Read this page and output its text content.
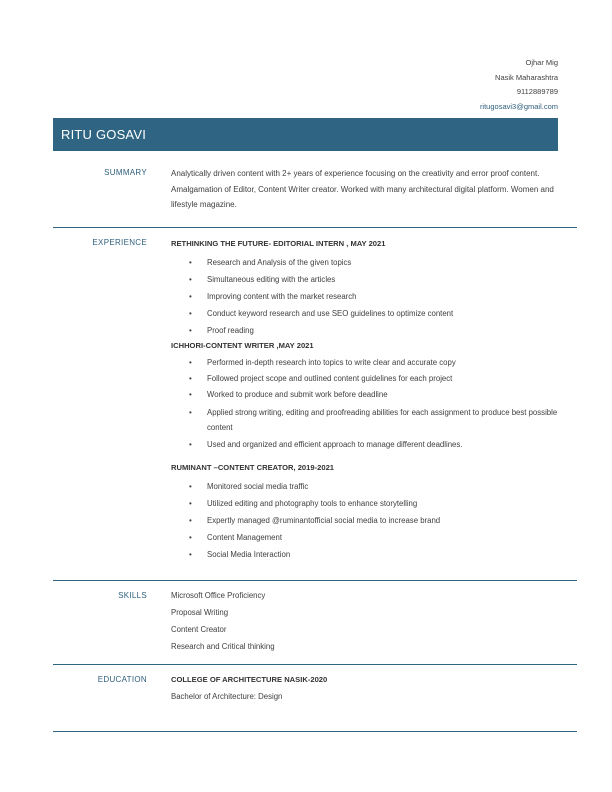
Ojhar Mig
Nasik Maharashtra
9112889789
ritugosavi3@gmail.com
RITU GOSAVI
SUMMARY	Analytically driven content with 2+ years of experience focusing on the creativity and error proof content. Amalgamation of Editor, Content Writer creator. Worked with many architectural digital platform. Women and lifestyle magazine.
EXPERIENCE	RETHINKING THE FUTURE- EDITORIAL INTERN , MAY 2021
• Research and Analysis of the given topics
• Simultaneous editing with the articles
• Improving content with the market research
• Conduct keyword research and use SEO guidelines to optimize content
• Proof reading
ICHHORI-CONTENT WRITER ,MAY 2021
• Performed in-depth research into topics to write clear and accurate copy
• Followed project scope and outlined content guidelines for each project
• Worked to produce and submit work before deadline
• Applied strong writing, editing and proofreading abilities for each assignment to produce best possible content
• Used and organized and efficient approach to manage different deadlines.
RUMINANT –CONTENT CREATOR, 2019-2021
• Monitored social media traffic
• Utilized editing and photography tools to enhance storytelling
• Expertly managed @ruminantofficial social media to increase brand
• Content Management
• Social Media Interaction
SKILLS	Microsoft Office Proficiency
Proposal Writing
Content Creator
Research and Critical thinking
EDUCATION	COLLEGE OF ARCHITECTURE NASIK-2020
Bachelor of Architecture: Design
